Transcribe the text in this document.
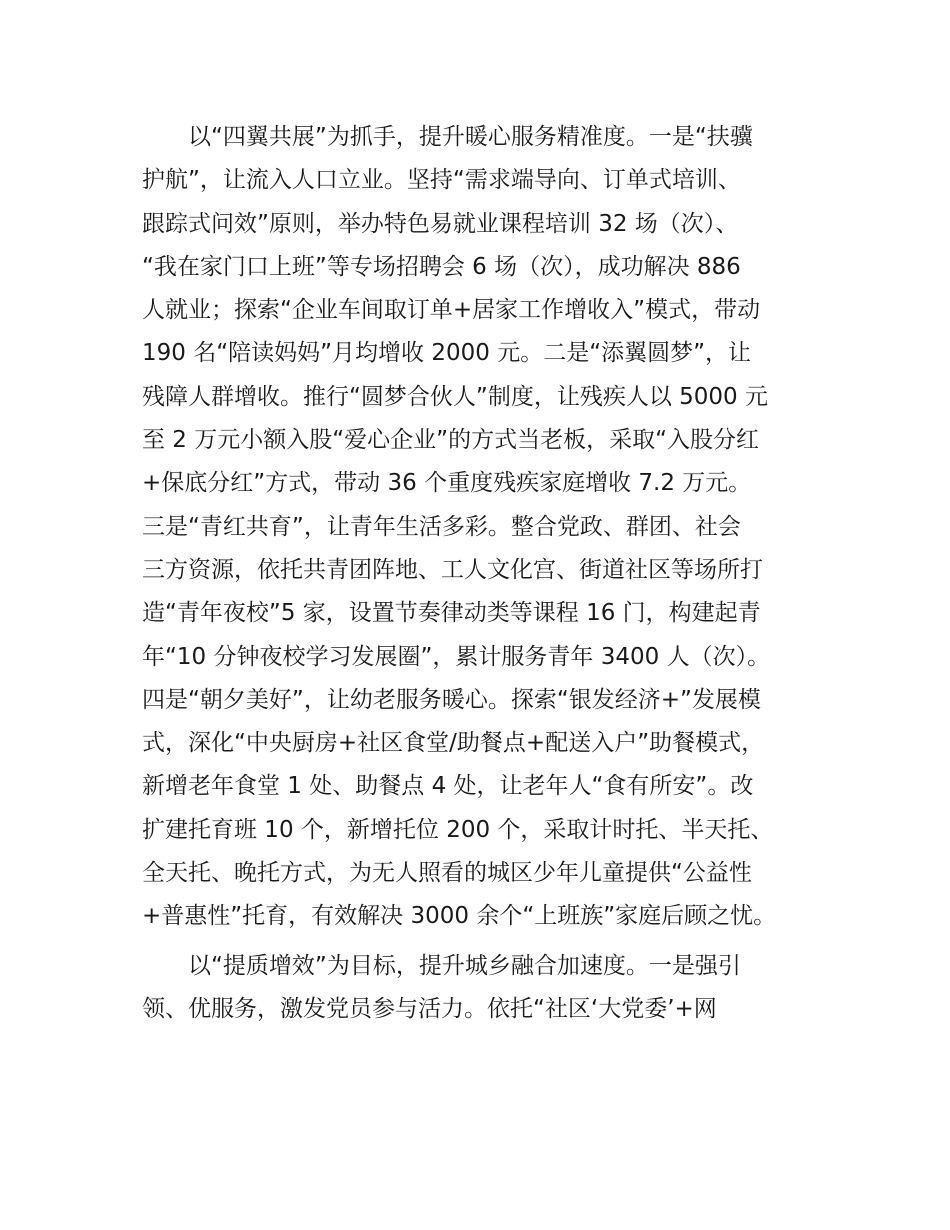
　　以“四翼共展”为抓手，提升暖心服务精准度。一是“扶骥
护航”，让流入人口立业。坚持“需求端导向、订单式培训、
跟踪式问效”原则，举办特色易就业课程培训 32 场（次）、
“我在家门口上班”等专场招聘会 6 场（次），成功解决 886
人就业；探索“企业车间取订单+居家工作增收入”模式，带动
190 名“陪读妈妈”月均增收 2000 元。二是“添翼圆梦”，让
残障人群增收。推行“圆梦合伙人”制度，让残疾人以 5000 元
至 2 万元小额入股“爱心企业”的方式当老板，采取“入股分红
+保底分红”方式，带动 36 个重度残疾家庭增收 7.2 万元。
三是“青红共育”，让青年生活多彩。整合党政、群团、社会
三方资源，依托共青团阵地、工人文化宫、街道社区等场所打
造“青年夜校”5 家，设置节奏律动类等课程 16 门，构建起青
年“10 分钟夜校学习发展圈”，累计服务青年 3400 人（次）。
四是“朝夕美好”，让幼老服务暖心。探索“银发经济+”发展模
式，深化“中央厨房+社区食堂/助餐点+配送入户”助餐模式，
新增老年食堂 1 处、助餐点 4 处，让老年人“食有所安”。改
扩建托育班 10 个，新增托位 200 个，采取计时托、半天托、
全天托、晚托方式，为无人照看的城区少年儿童提供“公益性
+普惠性”托育，有效解决 3000 余个“上班族”家庭后顾之忧。
　　以“提质增效”为目标，提升城乡融合加速度。一是强引
领、优服务，激发党员参与活力。依托“社区‘大党委’+网
